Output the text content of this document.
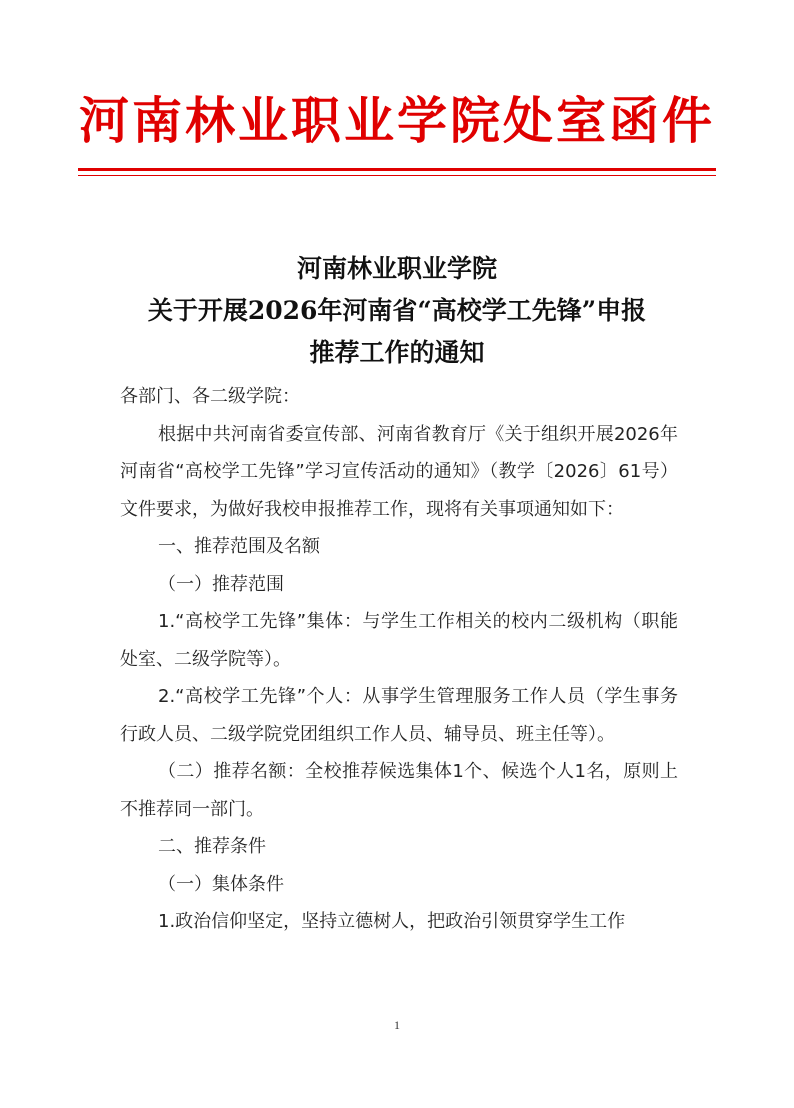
河南林业职业学院处室函件
河南林业职业学院
关于开展2026年河南省“高校学工先锋”申报
推荐工作的通知

各部门、各二级学院：

根据中共河南省委宣传部、河南省教育厅《关于组织开展2026年河南省“高校学工先锋”学习宣传活动的通知》（教学〔2026〕61号）文件要求，为做好我校申报推荐工作，现将有关事项通知如下：

一、推荐范围及名额

（一）推荐范围

1.“高校学工先锋”集体：与学生工作相关的校内二级机构（职能处室、二级学院等）。

2.“高校学工先锋”个人：从事学生管理服务工作人员（学生事务行政人员、二级学院党团组织工作人员、辅导员、班主任等）。

（二）推荐名额：全校推荐候选集体1个、候选个人1名，原则上不推荐同一部门。

二、推荐条件

（一）集体条件

1.政治信仰坚定，坚持立德树人，把政治引领贯穿学生工作

1
